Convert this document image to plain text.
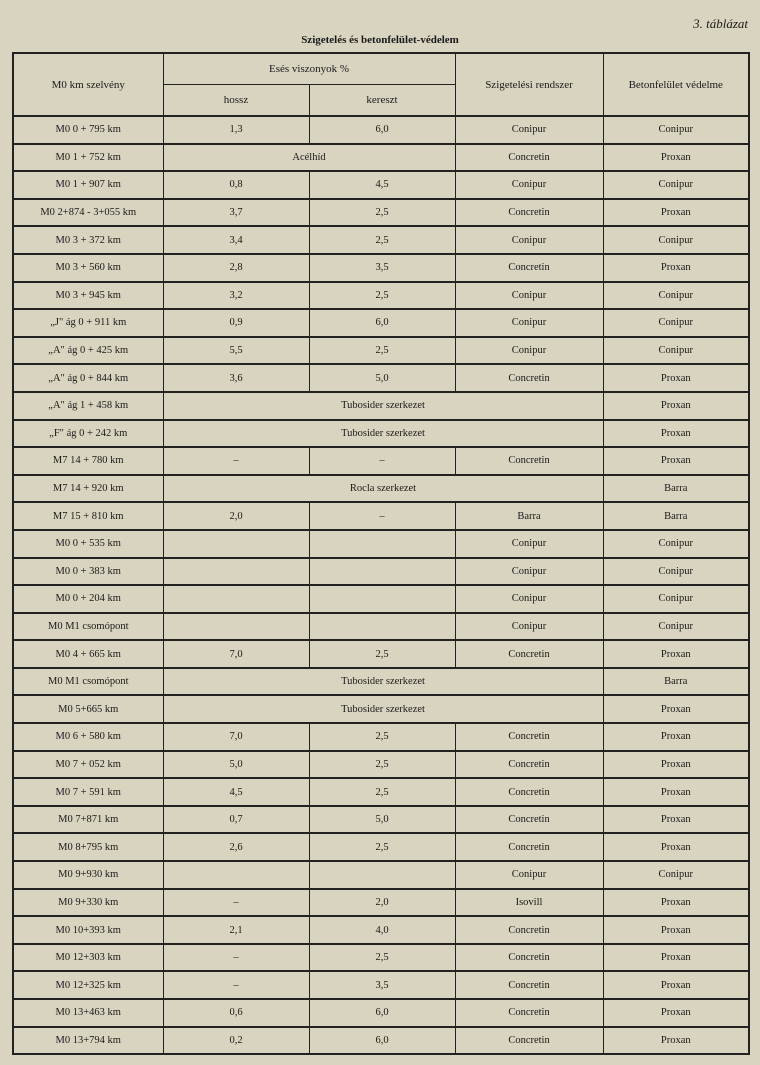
3. táblázat
Szigetelés és betonfelület-védelem
M0 km szelvény	Esés viszonyok %		Szigetelési rendszer	Betonfelület védelme
	hossz	kereszt		
M0 0 + 795 km	1,3	6,0	Conipur	Conipur
M0 1 + 752 km	Acélhíd		Concretin	Proxan
M0 1 + 907 km	0,8	4,5	Conipur	Conipur
M0 2+874 - 3+055 km	3,7	2,5	Concretin	Proxan
M0 3 + 372 km	3,4	2,5	Conipur	Conipur
M0 3 + 560 km	2,8	3,5	Concretin	Proxan
M0 3 + 945 km	3,2	2,5	Conipur	Conipur
„J" ág 0 + 911 km	0,9	6,0	Conipur	Conipur
„A" ág 0 + 425 km	5,5	2,5	Conipur	Conipur
„A" ág 0 + 844 km	3,6	5,0	Concretin	Proxan
„A" ág 1 + 458 km	Tubosider szerkezet			Proxan
„F" ág 0 + 242 km	Tubosider szerkezet			Proxan
M7 14 + 780 km	–	–	Concretin	Proxan
M7 14 + 920 km	Rocla szerkezet			Barra
M7 15 + 810 km	2,0	–	Barra	Barra
M0 0 + 535 km			Conipur	Conipur
M0 0 + 383 km			Conipur	Conipur
M0 0 + 204 km			Conipur	Conipur
M0 M1 csomópont			Conipur	Conipur
M0 4 + 665 km	7,0	2,5	Concretin	Proxan
M0 M1 csomópont	Tubosider szerkezet			Barra
M0 5+665 km	Tubosider szerkezet			Proxan
M0 6 + 580 km	7,0	2,5	Concretin	Proxan
M0 7 + 052 km	5,0	2,5	Concretin	Proxan
M0 7 + 591 km	4,5	2,5	Concretin	Proxan
M0 7+871 km	0,7	5,0	Concretin	Proxan
M0 8+795 km	2,6	2,5	Concretin	Proxan
M0 9+930 km			Conipur	Conipur
M0 9+330 km	–	2,0	Isovill	Proxan
M0 10+393 km	2,1	4,0	Concretin	Proxan
M0 12+303 km	–	2,5	Concretin	Proxan
M0 12+325 km	–	3,5	Concretin	Proxan
M0 13+463 km	0,6	6,0	Concretin	Proxan
M0 13+794 km	0,2	6,0	Concretin	Proxan
